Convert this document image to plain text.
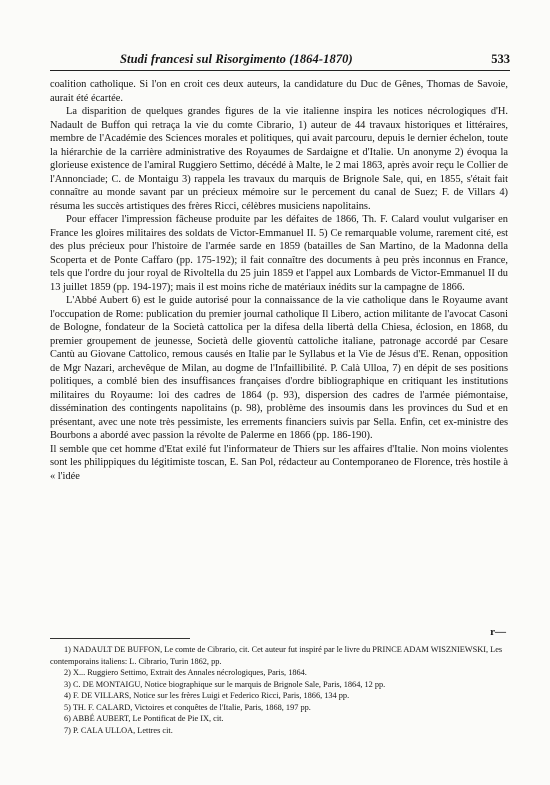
Studi francesi sul Risorgimento (1864-1870)	533

coalition catholique. Si l'on en croit ces deux auteurs, la candidature du Duc de Gênes, Thomas de Savoie, aurait été écartée.

La disparition de quelques grandes figures de la vie italienne inspira les notices nécrologiques d'H. Nadault de Buffon qui retraça la vie du comte Cibrario, 1) auteur de 44 travaux historiques et littéraires, membre de l'Académie des Sciences morales et politiques, qui avait parcouru, depuis le dernier échelon, toute la hiérarchie de la carrière administrative des Royaumes de Sardaigne et d'Italie. Un anonyme 2) évoqua la glorieuse existence de l'amiral Ruggiero Settimo, décédé à Malte, le 2 mai 1863, après avoir reçu le Collier de l'Annonciade; C. de Montaigu 3) rappela les travaux du marquis de Brignole Sale, qui, en 1855, s'était fait connaître au monde savant par un précieux mémoire sur le percement du canal de Suez; F. de Villars 4) résuma les succès artistiques des frères Ricci, célèbres musiciens napolitains.

Pour effacer l'impression fâcheuse produite par les défaites de 1866, Th. F. Calard voulut vulgariser en France les gloires militaires des soldats de Victor-Emmanuel II. 5) Ce remarquable volume, rarement cité, est des plus précieux pour l'histoire de l'armée sarde en 1859 (batailles de San Martino, de la Madonna della Scoperta et de Ponte Caffaro (pp. 175-192); il fait connaître des documents à peu près inconnus en France, tels que l'ordre du jour royal de Rivoltella du 25 juin 1859 et l'appel aux Lombards de Victor-Emmanuel II du 13 juillet 1859 (pp. 194-197); mais il est moins riche de matériaux inédits sur la campagne de 1866.

L'Abbé Aubert 6) est le guide autorisé pour la connaissance de la vie catholique dans le Royaume avant l'occupation de Rome: publication du premier journal catholique Il Libero, action militante de l'avocat Casoni de Bologne, fondateur de la Società cattolica per la difesa della libertà della Chiesa, éclosion, en 1868, du premier groupement de jeunesse, Società delle gioventù cattoliche italiane, patronage accordé par Cesare Cantù au Giovane Cattolico, remous causés en Italie par le Syllabus et la Vie de Jésus d'E. Renan, opposition de Mgr Nazari, archevêque de Milan, au dogme de l'Infaillibilité. P. Calà Ulloa, 7) en dépit de ses positions politiques, a comblé bien des insuffisances françaises d'ordre bibliographique en critiquant les institutions militaires du Royaume: loi des cadres de 1864 (p. 93), dispersion des cadres de l'armée piémontaise, dissémination des contingents napolitains (p. 98), problème des insoumis dans les provinces du Sud et en présentant, avec une note très pessimiste, les errements financiers suivis par Sella. Enfin, cet ex-ministre des Bourbons a abordé avec passion la révolte de Palerme en 1866 (pp. 186-190).

Il semble que cet homme d'Etat exilé fut l'informateur de Thiers sur les affaires d'Italie. Non moins violentes sont les philippiques du légitimiste toscan, E. San Pol, rédacteur au Contemporaneo de Florence, très hostile à « l'idée

r—

1) NADAULT DE BUFFON, Le comte de Cibrario, cit. Cet auteur fut inspiré par le livre du PRINCE ADAM WISZNIEWSKI, Les contemporains italiens: L. Cibrario, Turin 1862, pp.

2) X... Ruggiero Settimo, Extrait des Annales nécrologiques, Paris, 1864.

3) C. DE MONTAIGU, Notice biographique sur le marquis de Brignole Sale, Paris, 1864, 12 pp.

4) F. DE VILLARS, Notice sur les frères Luigi et Federico Ricci, Paris, 1866, 134 pp.

5) TH. F. CALARD, Victoires et conquêtes de l'Italie, Paris, 1868, 197 pp.

6) ABBÉ AUBERT, Le Pontificat de Pie IX, cit.

7) P. CALA ULLOA, Lettres cit.
